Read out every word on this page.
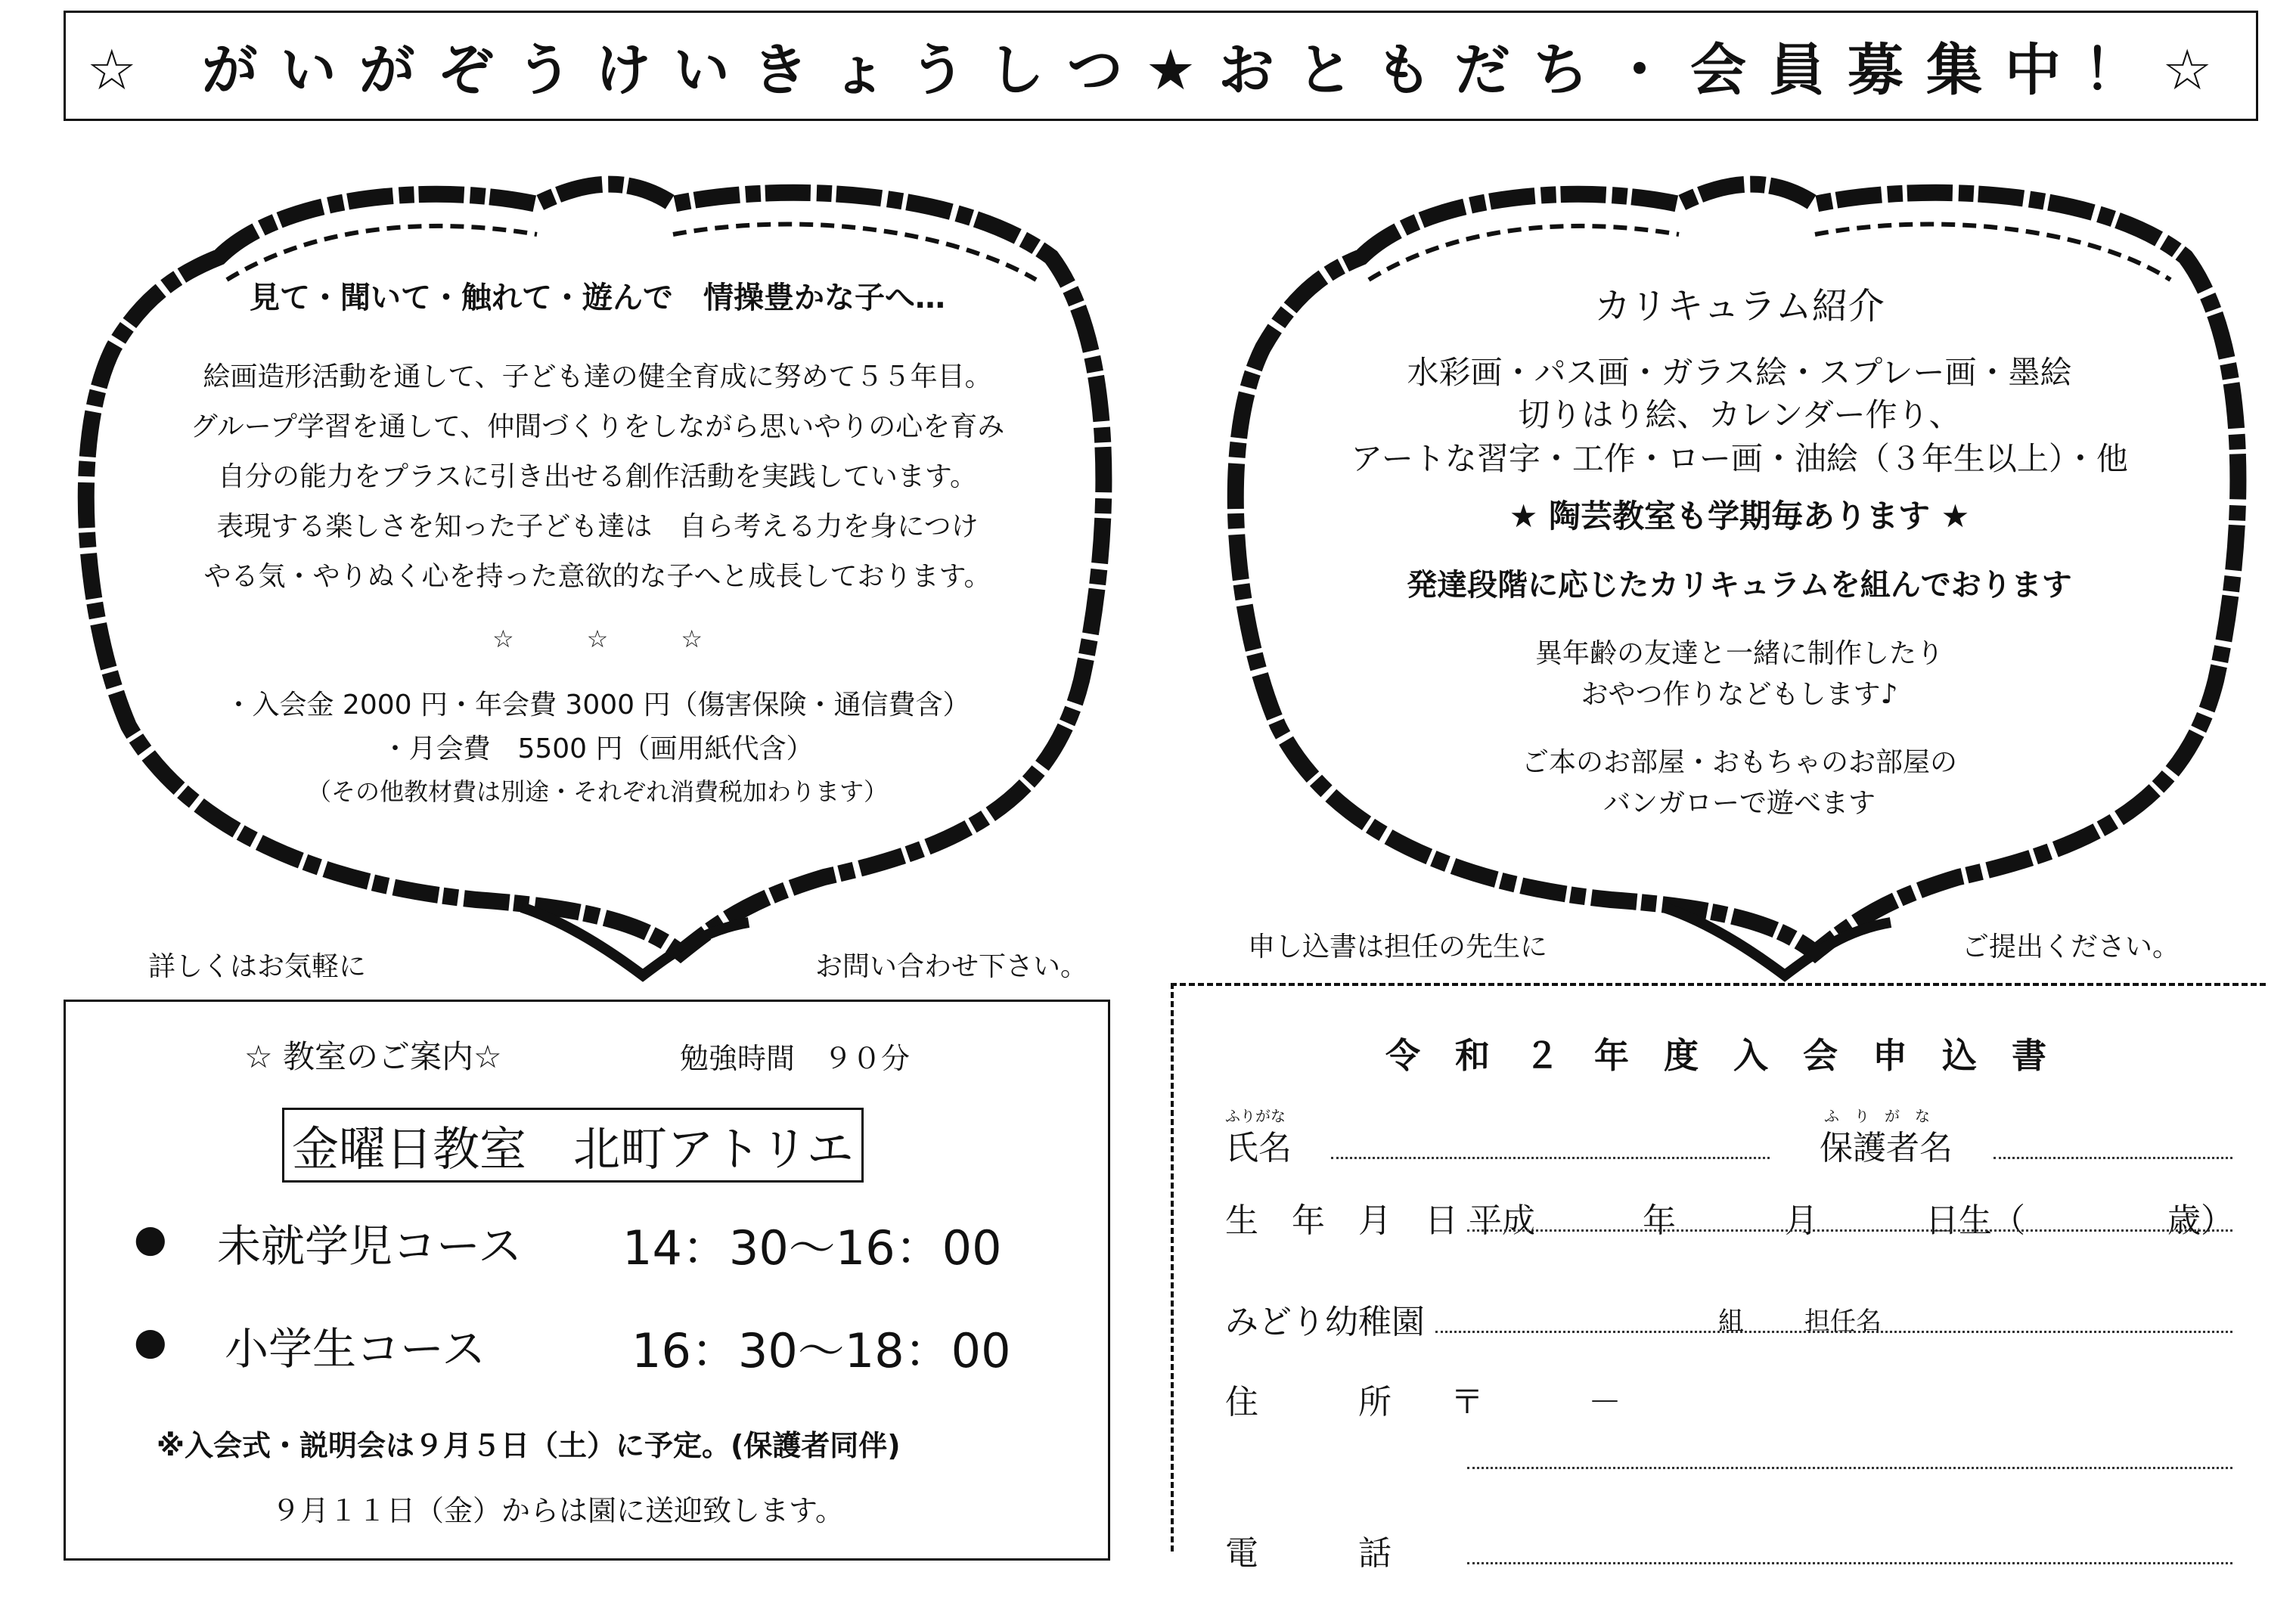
☆ がいがぞうけいきょうしつ★おともだち・会員募集中！☆
見て・聞いて・触れて・遊んで　情操豊かな子へ…
絵画造形活動を通して、子ども達の健全育成に努めて５５年目。
グループ学習を通して、仲間づくりをしながら思いやりの心を育み
自分の能力をプラスに引き出せる創作活動を実践しています。
表現する楽しさを知った子ども達は　自ら考える力を身につけ
やる気・やりぬく心を持った意欲的な子へと成長しております。
☆　　　☆　　　☆
・入会金 2000 円・年会費 3000 円（傷害保険・通信費含）
・月会費　5500 円（画用紙代含）
（その他教材費は別途・それぞれ消費税加わります）
詳しくはお気軽に	お問い合わせ下さい。
カリキュラム紹介
水彩画・パス画・ガラス絵・スプレー画・墨絵
切りはり絵、カレンダー作り、
アートな習字・工作・ロー画・油絵（３年生以上）・他
★ 陶芸教室も学期毎あります ★
発達段階に応じたカリキュラムを組んでおります
異年齢の友達と一緒に制作したり
おやつ作りなどもします♪
ご本のお部屋・おもちゃのお部屋の
バンガローで遊べます
申し込書は担任の先生に	ご提出ください。
☆ 教室のご案内☆	勉強時間　９０分
金曜日教室　北町アトリエ
● 未就学児コース 14：30～16：00
● 小学生コース	16：30～18：00
※入会式・説明会は９月５日（土）に予定。(保護者同伴)
９月１１日（金）からは園に送迎致します。
令　和　２　年　度　入　会　申　込　書
ふりがな
氏名
ふ　り　が　な
保護者名
生　年　月　日 平成	年	月	日生（	歳）
みどり幼稚園	組 担任名
住　　　所 〒	－
電　　　話
